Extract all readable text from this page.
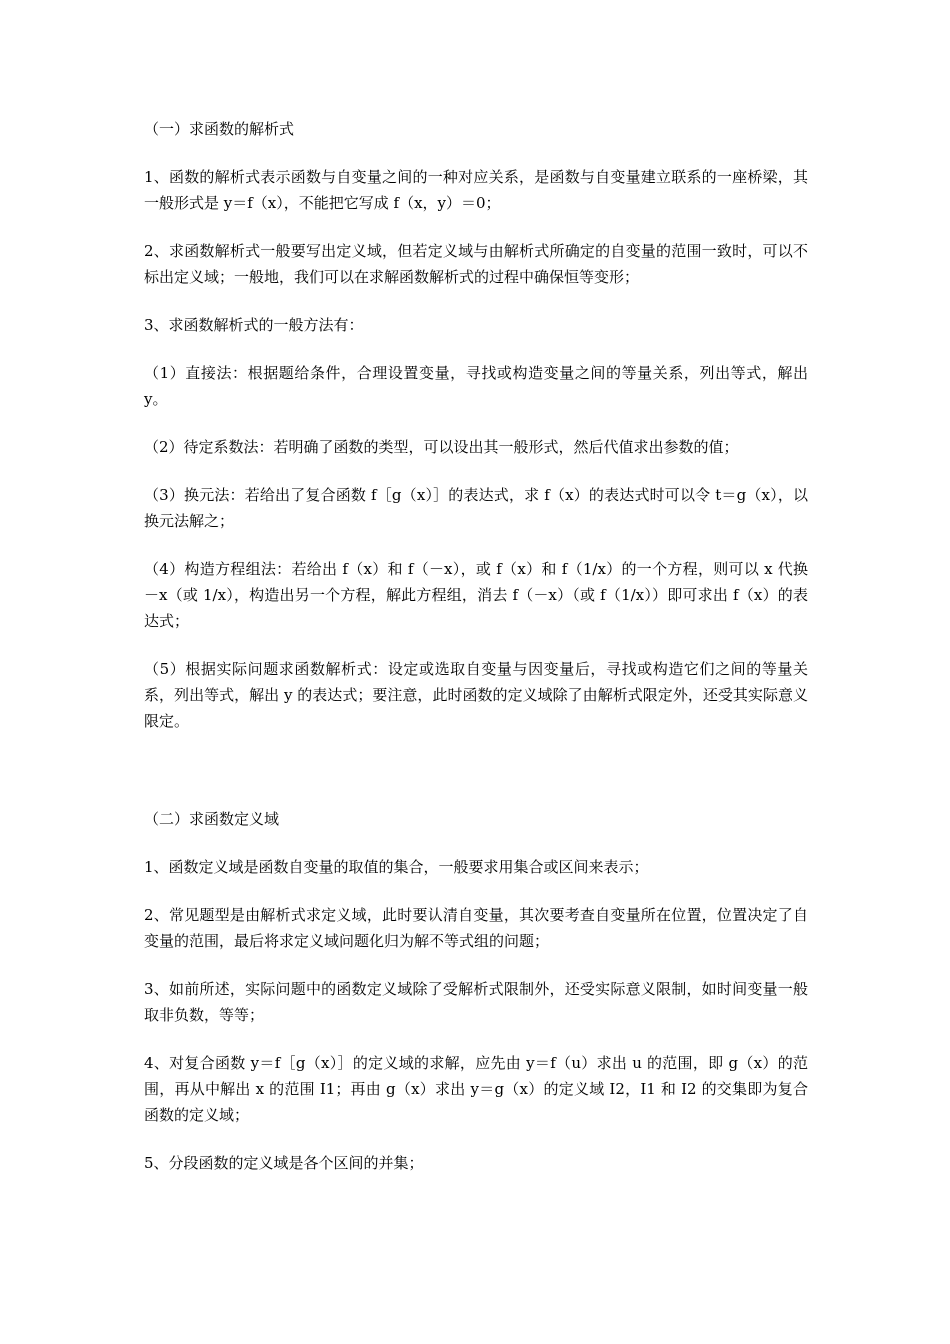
（一）求函数的解析式

1、函数的解析式表示函数与自变量之间的一种对应关系，是函数与自变量建立联系的一座桥梁，其一般形式是 y＝f（x），不能把它写成 f（x，y）＝0；

2、求函数解析式一般要写出定义域，但若定义域与由解析式所确定的自变量的范围一致时，可以不标出定义域；一般地，我们可以在求解函数解析式的过程中确保恒等变形；

3、求函数解析式的一般方法有：

（1）直接法：根据题给条件，合理设置变量，寻找或构造变量之间的等量关系，列出等式，解出 y。

（2）待定系数法：若明确了函数的类型，可以设出其一般形式，然后代值求出参数的值；

（3）换元法：若给出了复合函数 f［g（x）］的表达式，求 f（x）的表达式时可以令 t＝g（x），以换元法解之；

（4）构造方程组法：若给出 f（x）和 f（－x），或 f（x）和 f（1/x）的一个方程，则可以 x 代换－x（或 1/x），构造出另一个方程，解此方程组，消去 f（－x）（或 f（1/x））即可求出 f（x）的表达式；

（5）根据实际问题求函数解析式：设定或选取自变量与因变量后，寻找或构造它们之间的等量关系，列出等式，解出 y 的表达式；要注意，此时函数的定义域除了由解析式限定外，还受其实际意义限定。

（二）求函数定义域

1、函数定义域是函数自变量的取值的集合，一般要求用集合或区间来表示；

2、常见题型是由解析式求定义域，此时要认清自变量，其次要考查自变量所在位置，位置决定了自变量的范围，最后将求定义域问题化归为解不等式组的问题；

3、如前所述，实际问题中的函数定义域除了受解析式限制外，还受实际意义限制，如时间变量一般取非负数，等等；

4、对复合函数 y＝f［g（x）］的定义域的求解，应先由 y＝f（u）求出 u 的范围，即 g（x）的范围，再从中解出 x 的范围 I1；再由 g（x）求出 y＝g（x）的定义域 I2，I1 和 I2 的交集即为复合函数的定义域；

5、分段函数的定义域是各个区间的并集；
